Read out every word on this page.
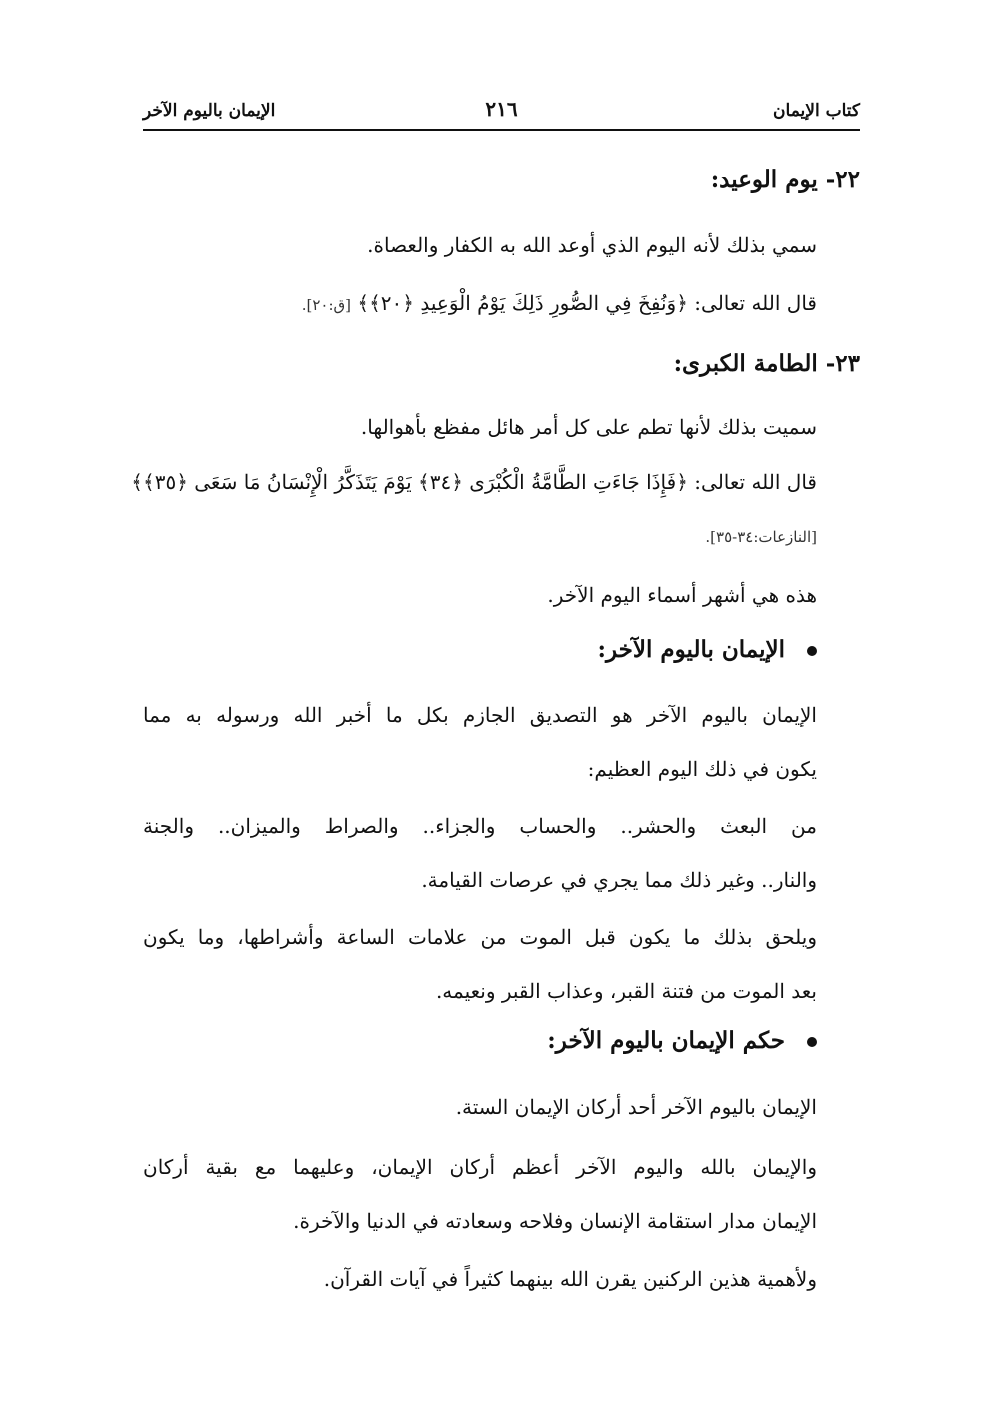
كتاب الإيمان
٢١٦
الإيمان باليوم الآخر
٢٢- يوم الوعيد:
سمي بذلك لأنه اليوم الذي أوعد الله به الكفار والعصاة.
قال الله تعالى: ﴿وَنُفِخَ فِي الصُّورِ ذَلِكَ يَوْمُ الْوَعِيدِ ﴿٢٠﴾﴾ [ق:٢٠].
٢٣- الطامة الكبرى:
سميت بذلك لأنها تطم على كل أمر هائل مفظع بأهوالها.
قال الله تعالى: ﴿فَإِذَا جَاءَتِ الطَّامَّةُ الْكُبْرَى ﴿٣٤﴾ يَوْمَ يَتَذَكَّرُ الْإِنْسَانُ مَا سَعَى ﴿٣٥﴾﴾
[النازعات:٣٤-٣٥].
هذه هي أشهر أسماء اليوم الآخر.
الإيمان باليوم الآخر:
الإيمان باليوم الآخر هو التصديق الجازم بكل ما أخبر الله ورسوله به مما
يكون في ذلك اليوم العظيم:
من البعث والحشر.. والحساب والجزاء.. والصراط والميزان.. والجنة
والنار.. وغير ذلك مما يجري في عرصات القيامة.
ويلحق بذلك ما يكون قبل الموت من علامات الساعة وأشراطها، وما يكون
بعد الموت من فتنة القبر، وعذاب القبر ونعيمه.
حكم الإيمان باليوم الآخر:
الإيمان باليوم الآخر أحد أركان الإيمان الستة.
والإيمان بالله واليوم الآخر أعظم أركان الإيمان، وعليهما مع بقية أركان
الإيمان مدار استقامة الإنسان وفلاحه وسعادته في الدنيا والآخرة.
ولأهمية هذين الركنين يقرن الله بينهما كثيراً في آيات القرآن.
